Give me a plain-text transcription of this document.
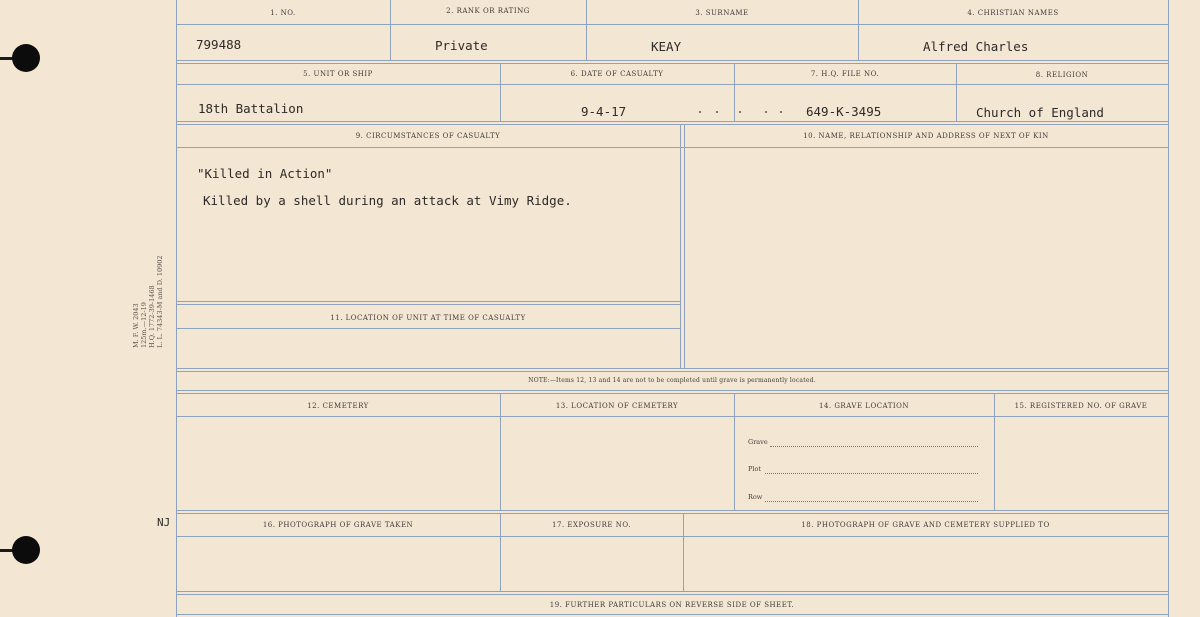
M. F. W. 2043 125m.—12-19 H.Q. 1772-39-1468 L. L. 74343-M and D. 10902
NJ
1. NO.	2. RANK OR RATING	3. SURNAME	4. CHRISTIAN NAMES
799488	Private	KEAY	Alfred Charles
5. UNIT OR SHIP	6. DATE OF CASUALTY	7. H.Q. FILE NO.	8. RELIGION
18th Battalion	9-4-17	649-K-3495	Church of England
9. CIRCUMSTANCES OF CASUALTY	10. NAME, RELATIONSHIP AND ADDRESS OF NEXT OF KIN
"Killed in Action"
Killed by a shell during an attack at Vimy Ridge.
11. LOCATION OF UNIT AT TIME OF CASUALTY
NOTE:—Items 12, 13 and 14 are not to be completed until grave is permanently located.
12. CEMETERY	13. LOCATION OF CEMETERY	14. GRAVE LOCATION	15. REGISTERED NO. OF GRAVE
Grave
Plot
Row
16. PHOTOGRAPH OF GRAVE TAKEN	17. EXPOSURE NO.	18. PHOTOGRAPH OF GRAVE AND CEMETERY SUPPLIED TO
19. FURTHER PARTICULARS ON REVERSE SIDE OF SHEET.
